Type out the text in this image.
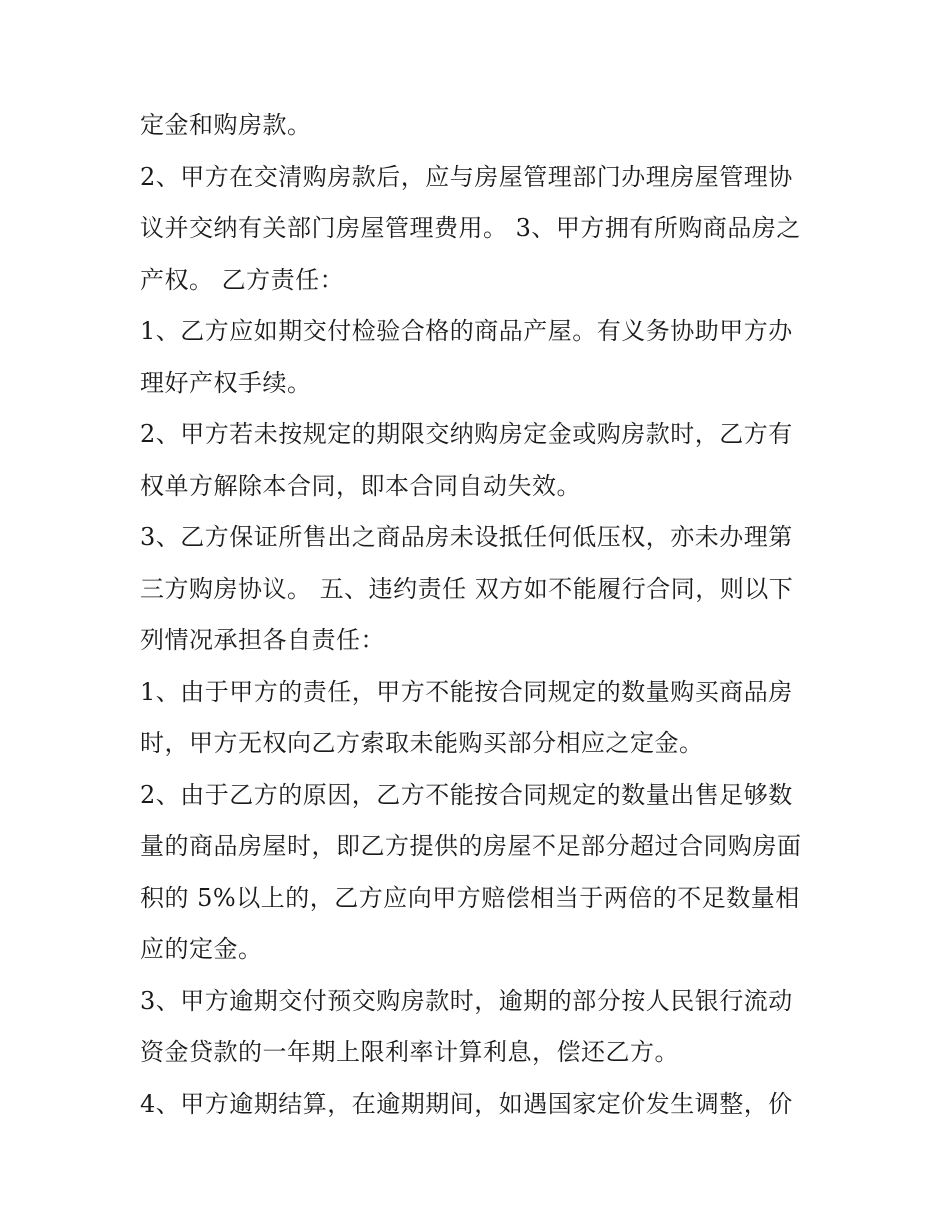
定金和购房款。
2、甲方在交清购房款后，应与房屋管理部门办理房屋管理协
议并交纳有关部门房屋管理费用。 3、甲方拥有所购商品房之
产权。 乙方责任：
1、乙方应如期交付检验合格的商品产屋。有义务协助甲方办
理好产权手续。
2、甲方若未按规定的期限交纳购房定金或购房款时，乙方有
权单方解除本合同，即本合同自动失效。
3、乙方保证所售出之商品房未设抵任何低压权，亦未办理第
三方购房协议。 五、违约责任 双方如不能履行合同，则以下
列情况承担各自责任：
1、由于甲方的责任，甲方不能按合同规定的数量购买商品房
时，甲方无权向乙方索取未能购买部分相应之定金。
2、由于乙方的原因，乙方不能按合同规定的数量出售足够数
量的商品房屋时，即乙方提供的房屋不足部分超过合同购房面
积的 5%以上的，乙方应向甲方赔偿相当于两倍的不足数量相
应的定金。
3、甲方逾期交付预交购房款时，逾期的部分按人民银行流动
资金贷款的一年期上限利率计算利息，偿还乙方。
4、甲方逾期结算，在逾期期间，如遇国家定价发生调整，价
